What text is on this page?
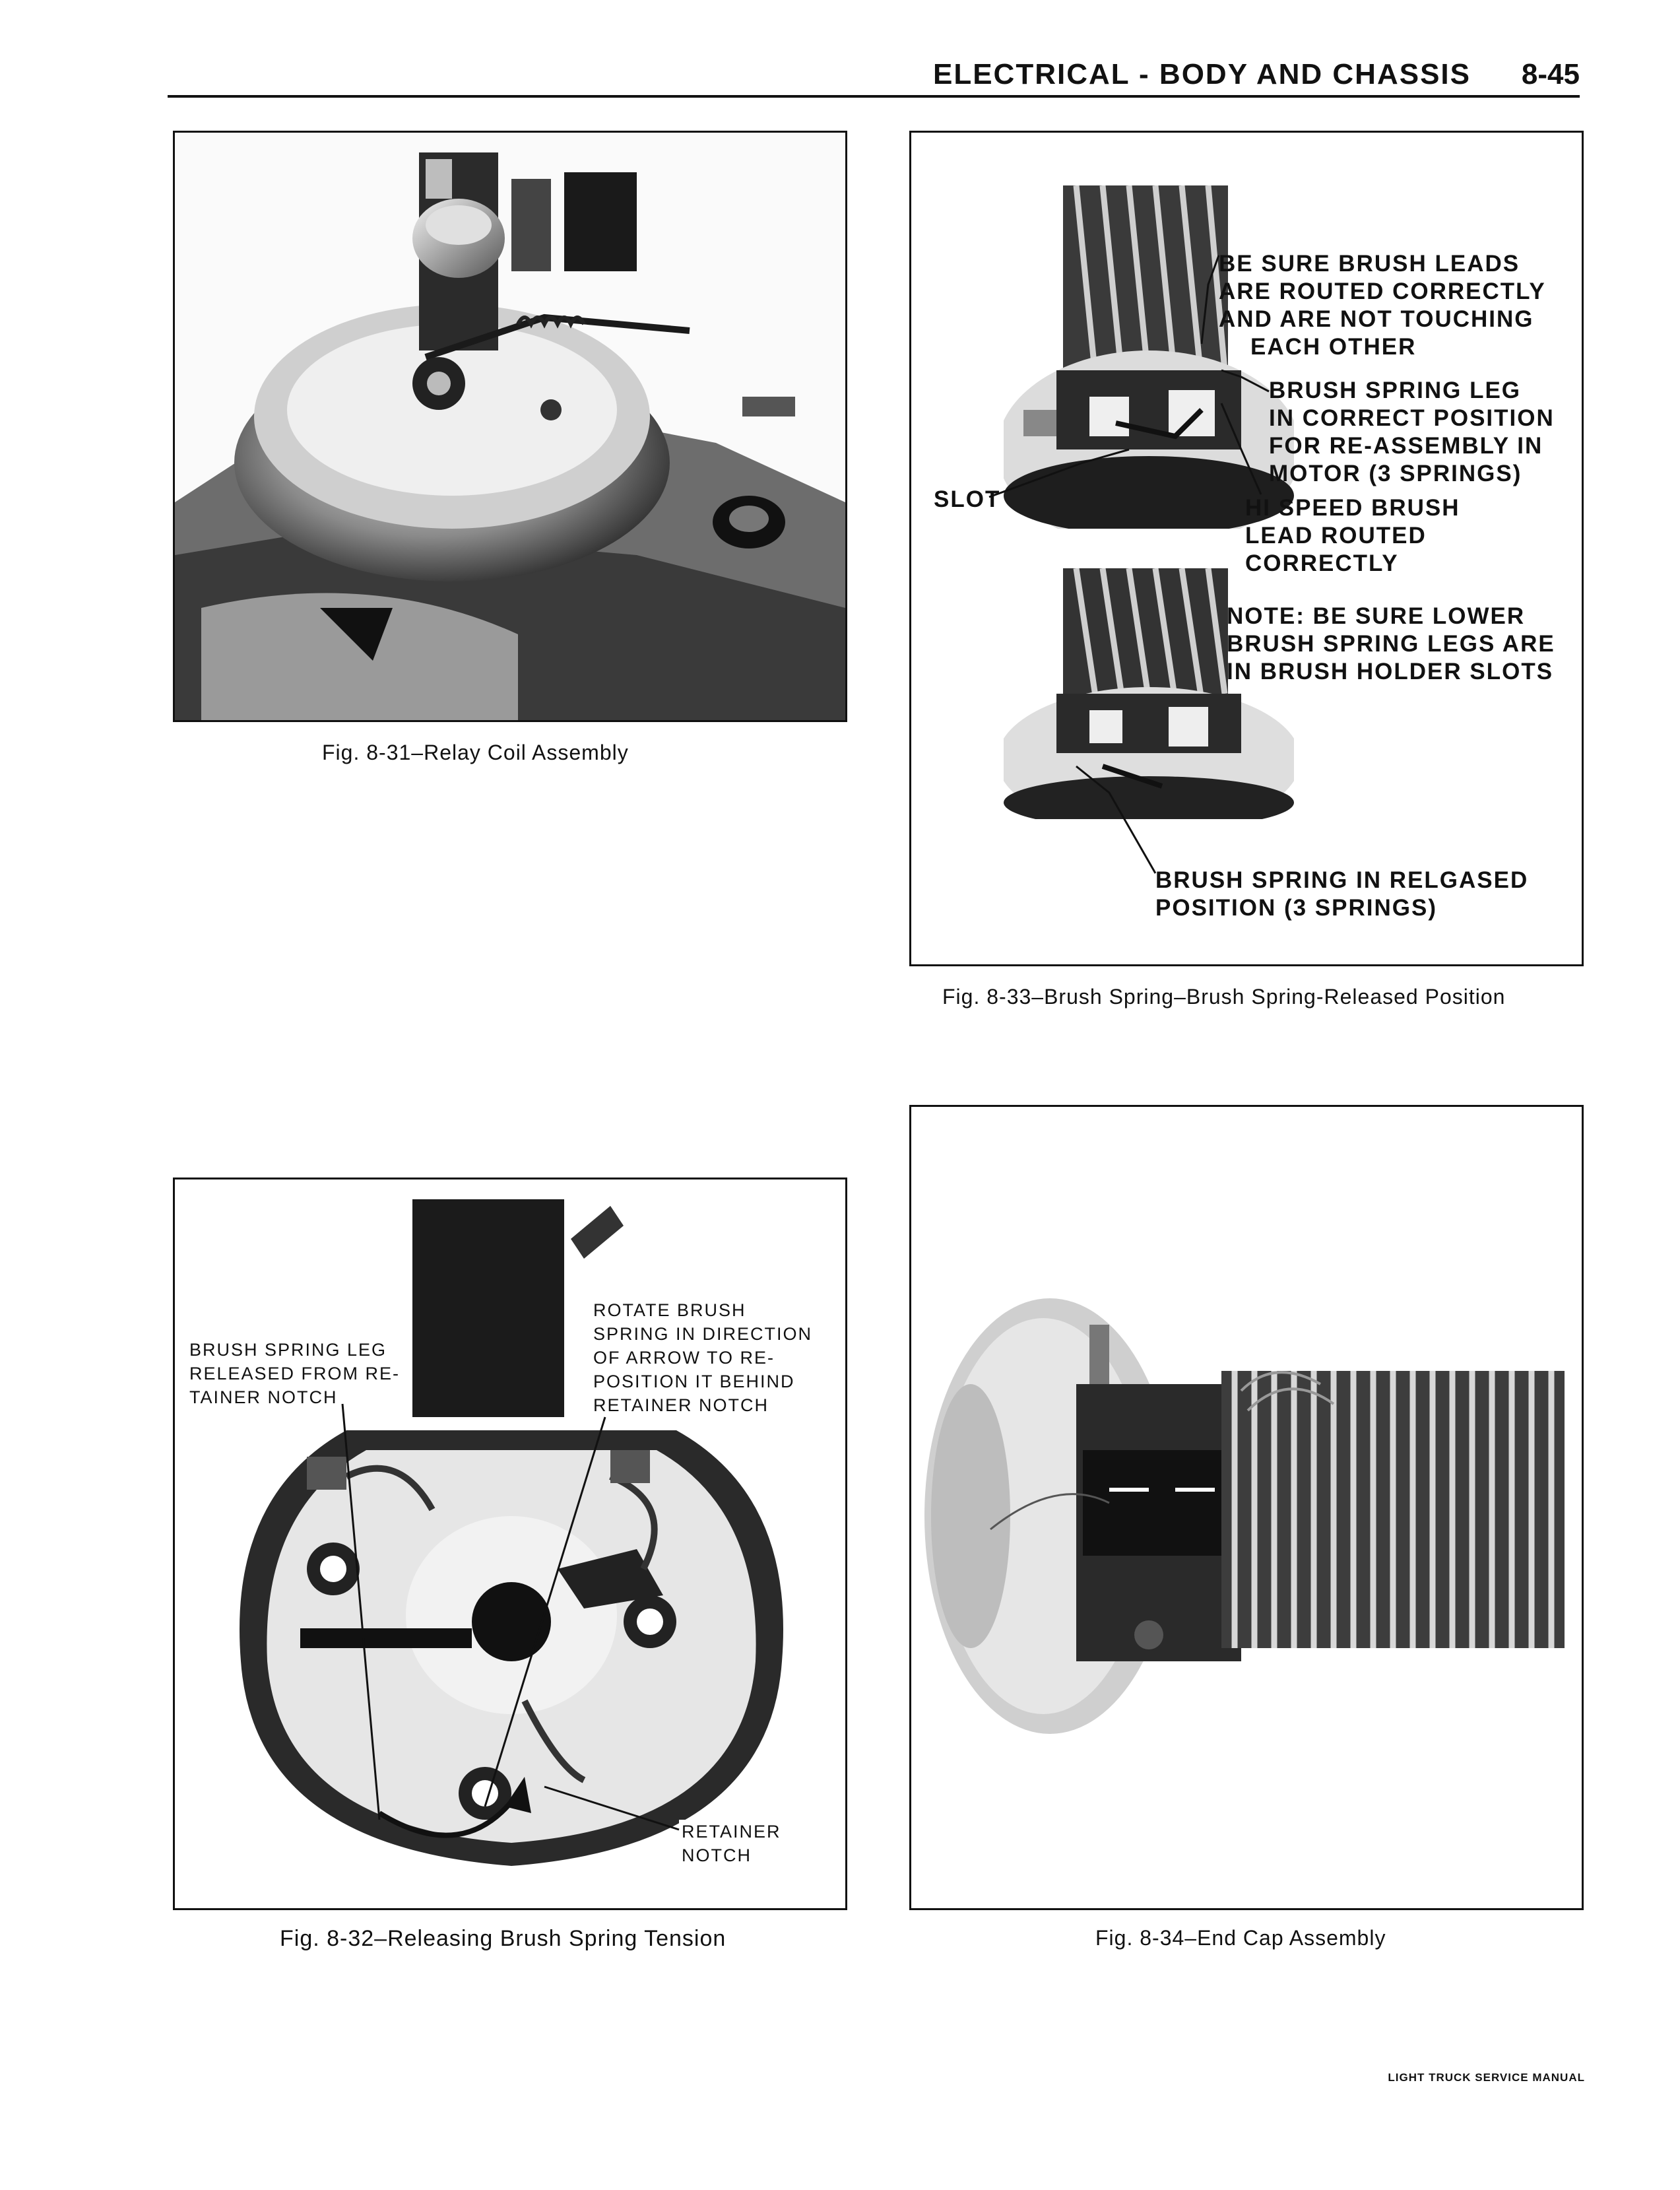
ELECTRICAL - BODY AND CHASSIS 8-45
Fig. 8-31–Relay Coil Assembly
BE SURE BRUSH LEADS
ARE ROUTED CORRECTLY
AND ARE NOT TOUCHING
EACH OTHER
BRUSH SPRING LEG
IN CORRECT POSITION
FOR RE-ASSEMBLY IN
MOTOR (3 SPRINGS)
SLOT	HI SPEED BRUSH
LEAD ROUTED
CORRECTLY
NOTE: BE SURE LOWER
BRUSH SPRING LEGS ARE
IN BRUSH HOLDER SLOTS
BRUSH SPRING IN RELGASED
POSITION (3 SPRINGS)
Fig. 8-33–Brush Spring–Brush Spring-Released Position
BRUSH SPRING LEG
RELEASED FROM RE-
TAINER NOTCH
ROTATE BRUSH
SPRING IN DIRECTION
OF ARROW TO RE-
POSITION IT BEHIND
RETAINER NOTCH
RETAINER
NOTCH
Fig. 8-32–Releasing Brush Spring Tension	Fig. 8-34–End Cap Assembly
LIGHT TRUCK SERVICE MANUAL
